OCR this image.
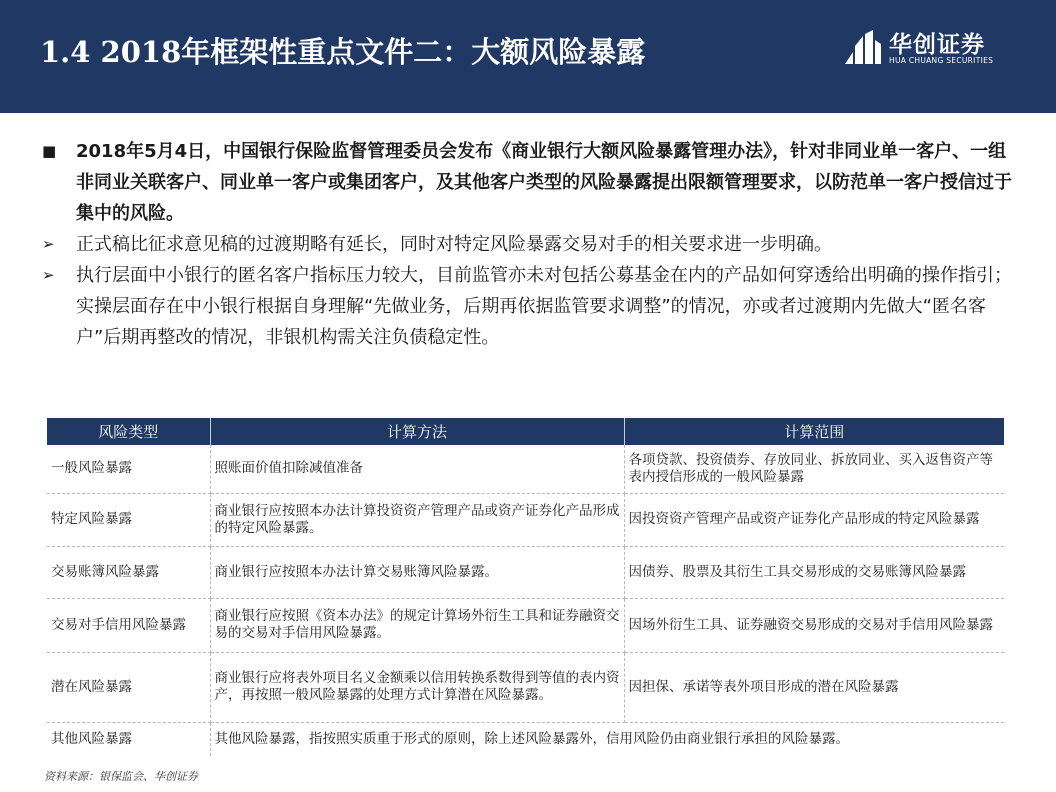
1.4 2018年框架性重点文件二：大额风险暴露	华创证券
HUA CHUANG SECURITIES
■ 2018年5月4日，中国银行保险监督管理委员会发布《商业银行大额风险暴露管理办法》，针对非同业单一客户、一组非同业关联客户、同业单一客户或集团客户，及其他客户类型的风险暴露提出限额管理要求，以防范单一客户授信过于集中的风险。
➢ 正式稿比征求意见稿的过渡期略有延长，同时对特定风险暴露交易对手的相关要求进一步明确。
➢ 执行层面中小银行的匿名客户指标压力较大，目前监管亦未对包括公募基金在内的产品如何穿透给出明确的操作指引；实操层面存在中小银行根据自身理解“先做业务，后期再依据监管要求调整”的情况，亦或者过渡期内先做大“匿名客户”后期再整改的情况，非银机构需关注负债稳定性。
风险类型	计算方法	计算范围
一般风险暴露	照账面价值扣除减值准备	各项贷款、投资债券、存放同业、拆放同业、买入返售资产等表内授信形成的一般风险暴露
特定风险暴露	商业银行应按照本办法计算投资资产管理产品或资产证券化产品形成的特定风险暴露。	因投资资产管理产品或资产证券化产品形成的特定风险暴露
交易账簿风险暴露	商业银行应按照本办法计算交易账簿风险暴露。	因债券、股票及其衍生工具交易形成的交易账簿风险暴露
交易对手信用风险暴露	商业银行应按照《资本办法》的规定计算场外衍生工具和证券融资交易的交易对手信用风险暴露。	因场外衍生工具、证券融资交易形成的交易对手信用风险暴露
潜在风险暴露	商业银行应将表外项目名义金额乘以信用转换系数得到等值的表内资产，再按照一般风险暴露的处理方式计算潜在风险暴露。	因担保、承诺等表外项目形成的潜在风险暴露
其他风险暴露	其他风险暴露，指按照实质重于形式的原则，除上述风险暴露外，信用风险仍由商业银行承担的风险暴露。	
资料来源：银保监会、华创证券
